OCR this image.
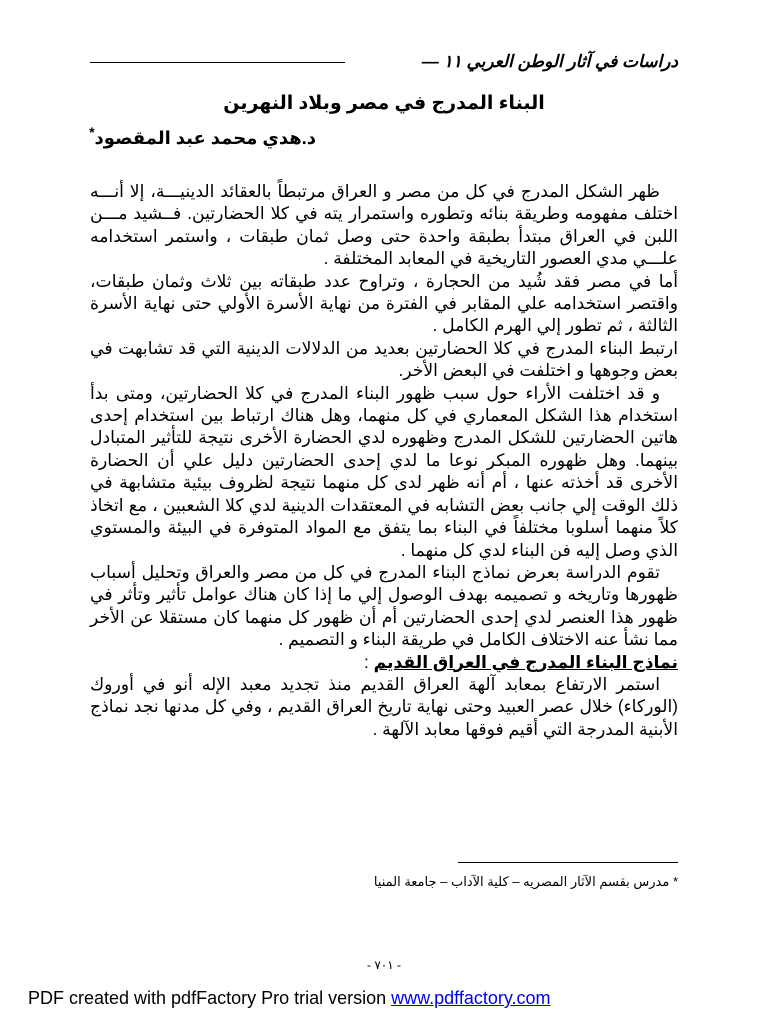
دراسات في آثار الوطن العربي ١١ —
البناء المدرج في مصر وبلاد النهرين
د.هدي محمد عبد المقصود*

ظهر الشكل المدرج في كل من مصر و العراق مرتبطاً بالعقائد الدينيـــة، إلا أنـــه اختلف مفهومه وطريقة بنائه وتطوره واستمرار يته في كلا الحضارتين. فــشيد مـــن اللبن في العراق مبتدأ بطبقة واحدة حتى وصل ثمان طبقات ، واستمر استخدامه علـــي مدي العصور التاريخية في المعابد المختلفة .

أما في مصر فقد شُيد من الحجارة ، وتراوح عدد طبقاته بين ثلاث وثمان طبقات، واقتصر استخدامه علي المقابر في الفترة من نهاية الأسرة الأولي حتى نهاية الأسرة الثالثة ، ثم تطور إلي الهرم الكامل .

ارتبط البناء المدرج في كلا الحضارتين بعديد من الدلالات الدينية التي قد تشابهت في بعض وجوهها و اختلفت في البعض الأخر.

و قد اختلفت الأراء حول سبب ظهور البناء المدرج في كلا الحضارتين، ومتى بدأ استخدام هذا الشكل المعماري في كل منهما، وهل هناك ارتباط بين استخدام إحدى هاتين الحضارتين للشكل المدرج وظهوره لدي الحضارة الأخرى نتيجة للتأثير المتبادل بينهما. وهل ظهوره المبكر نوعا ما لدي إحدى الحضارتين دليل علي أن الحضارة الأخرى قد أخذته عنها ، أم أنه ظهر لدى كل منهما نتيجة لظروف بيئية متشابهة في ذلك الوقت إلي جانب بعض التشابه في المعتقدات الدينية لدي كلا الشعبين ، مع اتخاذ كلاً منهما أسلوبا مختلفاً في البناء بما يتفق مع المواد المتوفرة في البيئة والمستوي الذي وصل إليه فن البناء لدي كل منهما .

تقوم الدراسة بعرض نماذج البناء المدرج في كل من مصر والعراق وتحليل أسباب ظهورها وتاريخه و تصميمه بهدف الوصول إلي ما إذا كان هناك عوامل تأثير وتأثر في ظهور هذا العنصر لدي إحدى الحضارتين أم أن ظهور كل منهما كان مستقلا عن الأخر مما نشأ عنه الاختلاف الكامل في طريقة البناء و التصميم .

نماذج البناء المدرج في العراق القديم :

استمر الارتفاع بمعابد آلهة العراق القديم منذ تجديد معبد الإله أنو في أوروك (الوركاء) خلال عصر العبيد وحتى نهاية تاريخ العراق القديم ، وفي كل مدنها نجد نماذج الأبنية المدرجة التي أقيم فوقها معابد الآلهة .

* مدرس بقسم الآثار المصريه – كلية الآداب – جامعة المنيا
- ٧٠١ -
PDF created with pdfFactory Pro trial version www.pdffactory.com
